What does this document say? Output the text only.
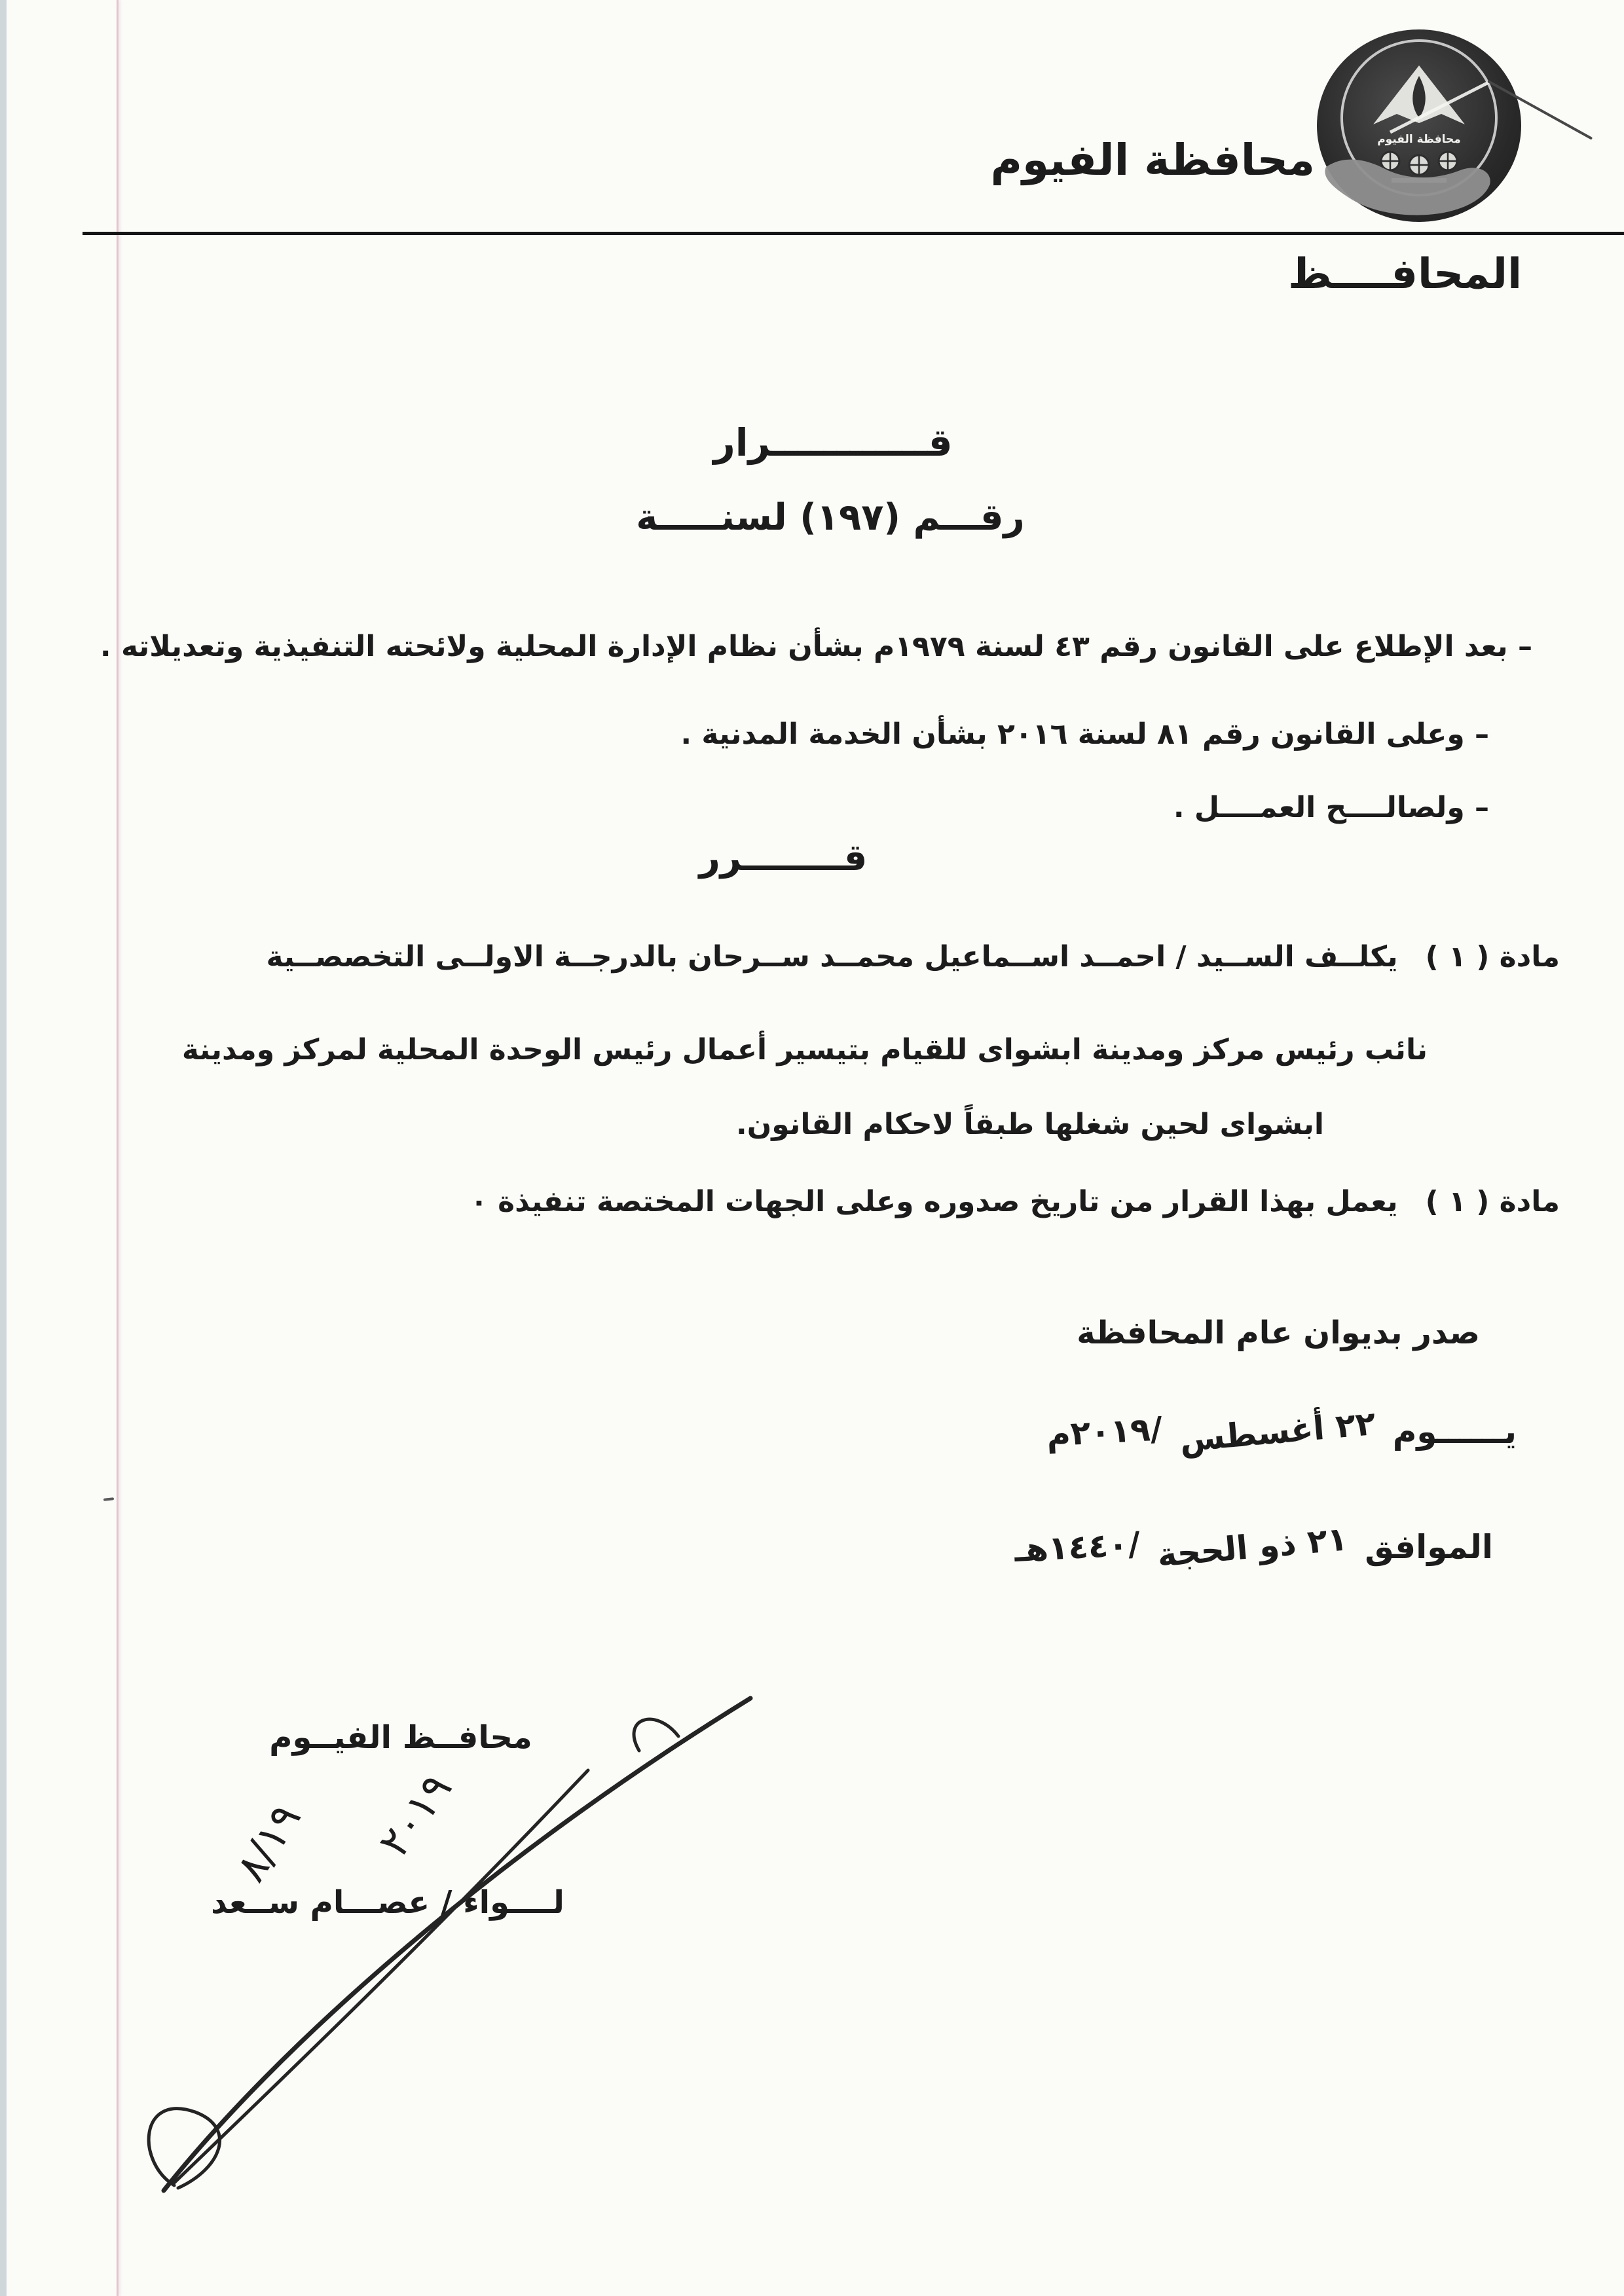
محافظة الفيوم
محافظة الفيوم
المحافــــظ
قــــــــــــرار
رقـــم (١٩٧) لسنـــــة
– بعد الإطلاع على القانون رقم ٤٣ لسنة ١٩٧٩م بشأن نظام الإدارة المحلية ولائحته التنفيذية وتعديلاته .
– وعلى القانون رقم ٨١ لسنة ٢٠١٦ بشأن الخدمة المدنية .
– ولصالــــح العمــــل .
قــــــــرر
مادة ( ١ )يكلــف الســيد / احمــد اســماعيل محمــد ســرحان بالدرجــة الاولــى التخصصــية
نائب رئيس مركز ومدينة ابشواى للقيام بتيسير أعمال رئيس الوحدة المحلية لمركز ومدينة
ابشواى لحين شغلها طبقاً لاحكام القانون.
مادة ( ١ )يعمل بهذا القرار من تاريخ صدوره وعلى الجهات المختصة تنفيذة ٠
صدر بديوان عام المحافظة
يــــــوم
٢٢ أغسطس
/٢٠١٩م
الموافق
٢١ ذو الحجة
/١٤٤٠هـ
محافــظ الفيــوم
لــــواء / عصـــام ســعد
٨/١٩ ٢٠١٩
